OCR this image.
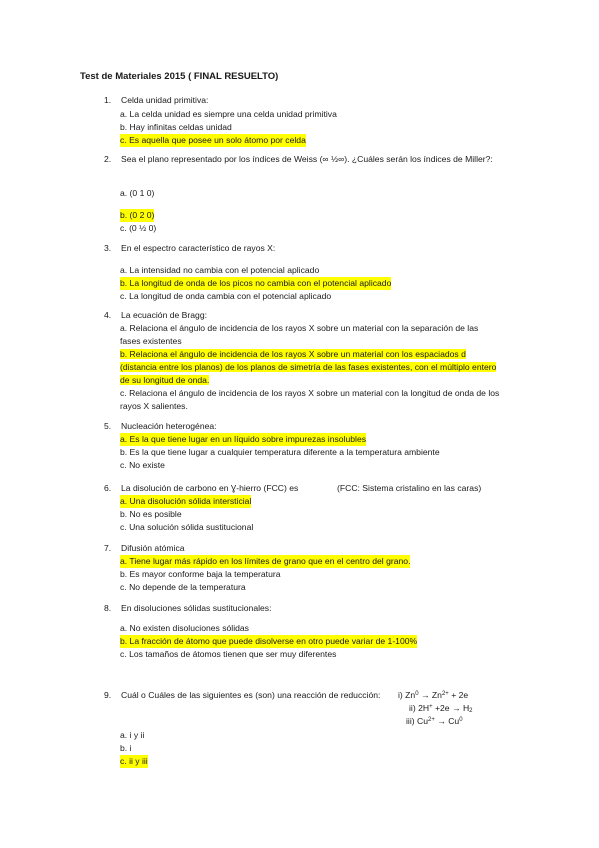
Test de Materiales 2015 ( FINAL RESUELTO)
1. Celda unidad primitiva:
a. La celda unidad es siempre una celda unidad primitiva
b. Hay infinitas celdas unidad
c. Es aquella que posee un solo átomo por celda
2. Sea el plano representado por los índices de Weiss (∞ ½∞). ¿Cuáles serán los índices de Miller?:
a. (0 1 0)
b. (0 2 0)
c. (0 ½ 0)
3. En el espectro característico de rayos X:
a. La intensidad no cambia con el potencial aplicado
b. La longitud de onda de los picos no cambia con el potencial aplicado
c. La longitud de onda cambia con el potencial aplicado
4. La ecuación de Bragg:
a. Relaciona el ángulo de incidencia de los rayos X sobre un material con la separación de las fases existentes
b. Relaciona el ángulo de incidencia de los rayos X sobre un material con los espaciados d (distancia entre los planos) de los planos de simetría de las fases existentes, con el múltiplo entero de su longitud de onda.
c. Relaciona el ángulo de incidencia de los rayos X sobre un material con la longitud de onda de los rayos X salientes.
5. Nucleación heterogénea:
a. Es la que tiene lugar en un líquido sobre impurezas insolubles
b. Es la que tiene lugar a cualquier temperatura diferente a la temperatura ambiente
c. No existe
6. La disolución de carbono en Ɣ-hierro (FCC) es	(FCC: Sistema cristalino en las caras)
a. Una disolución sólida intersticial
b. No es posible
c. Una solución sólida sustitucional
7. Difusión atómica
a. Tiene lugar más rápido en los límites de grano que en el centro del grano.
b. Es mayor conforme baja la temperatura
c. No depende de la temperatura
8. En disoluciones sólidas sustitucionales:
a. No existen disoluciones sólidas
b. La fracción de átomo que puede disolverse en otro puede variar de 1-100%
c. Los tamaños de átomos tienen que ser muy diferentes
9. Cuál o Cuáles de las siguientes es (son) una reacción de reducción: i) $Zn^0 \to Zn^{2+} + 2e$
ii) $2H^+ +2e \to H_2$
iii) $Cu^{2+} \to Cu^0$
a. i y ii
b. i
c. ii y iii
